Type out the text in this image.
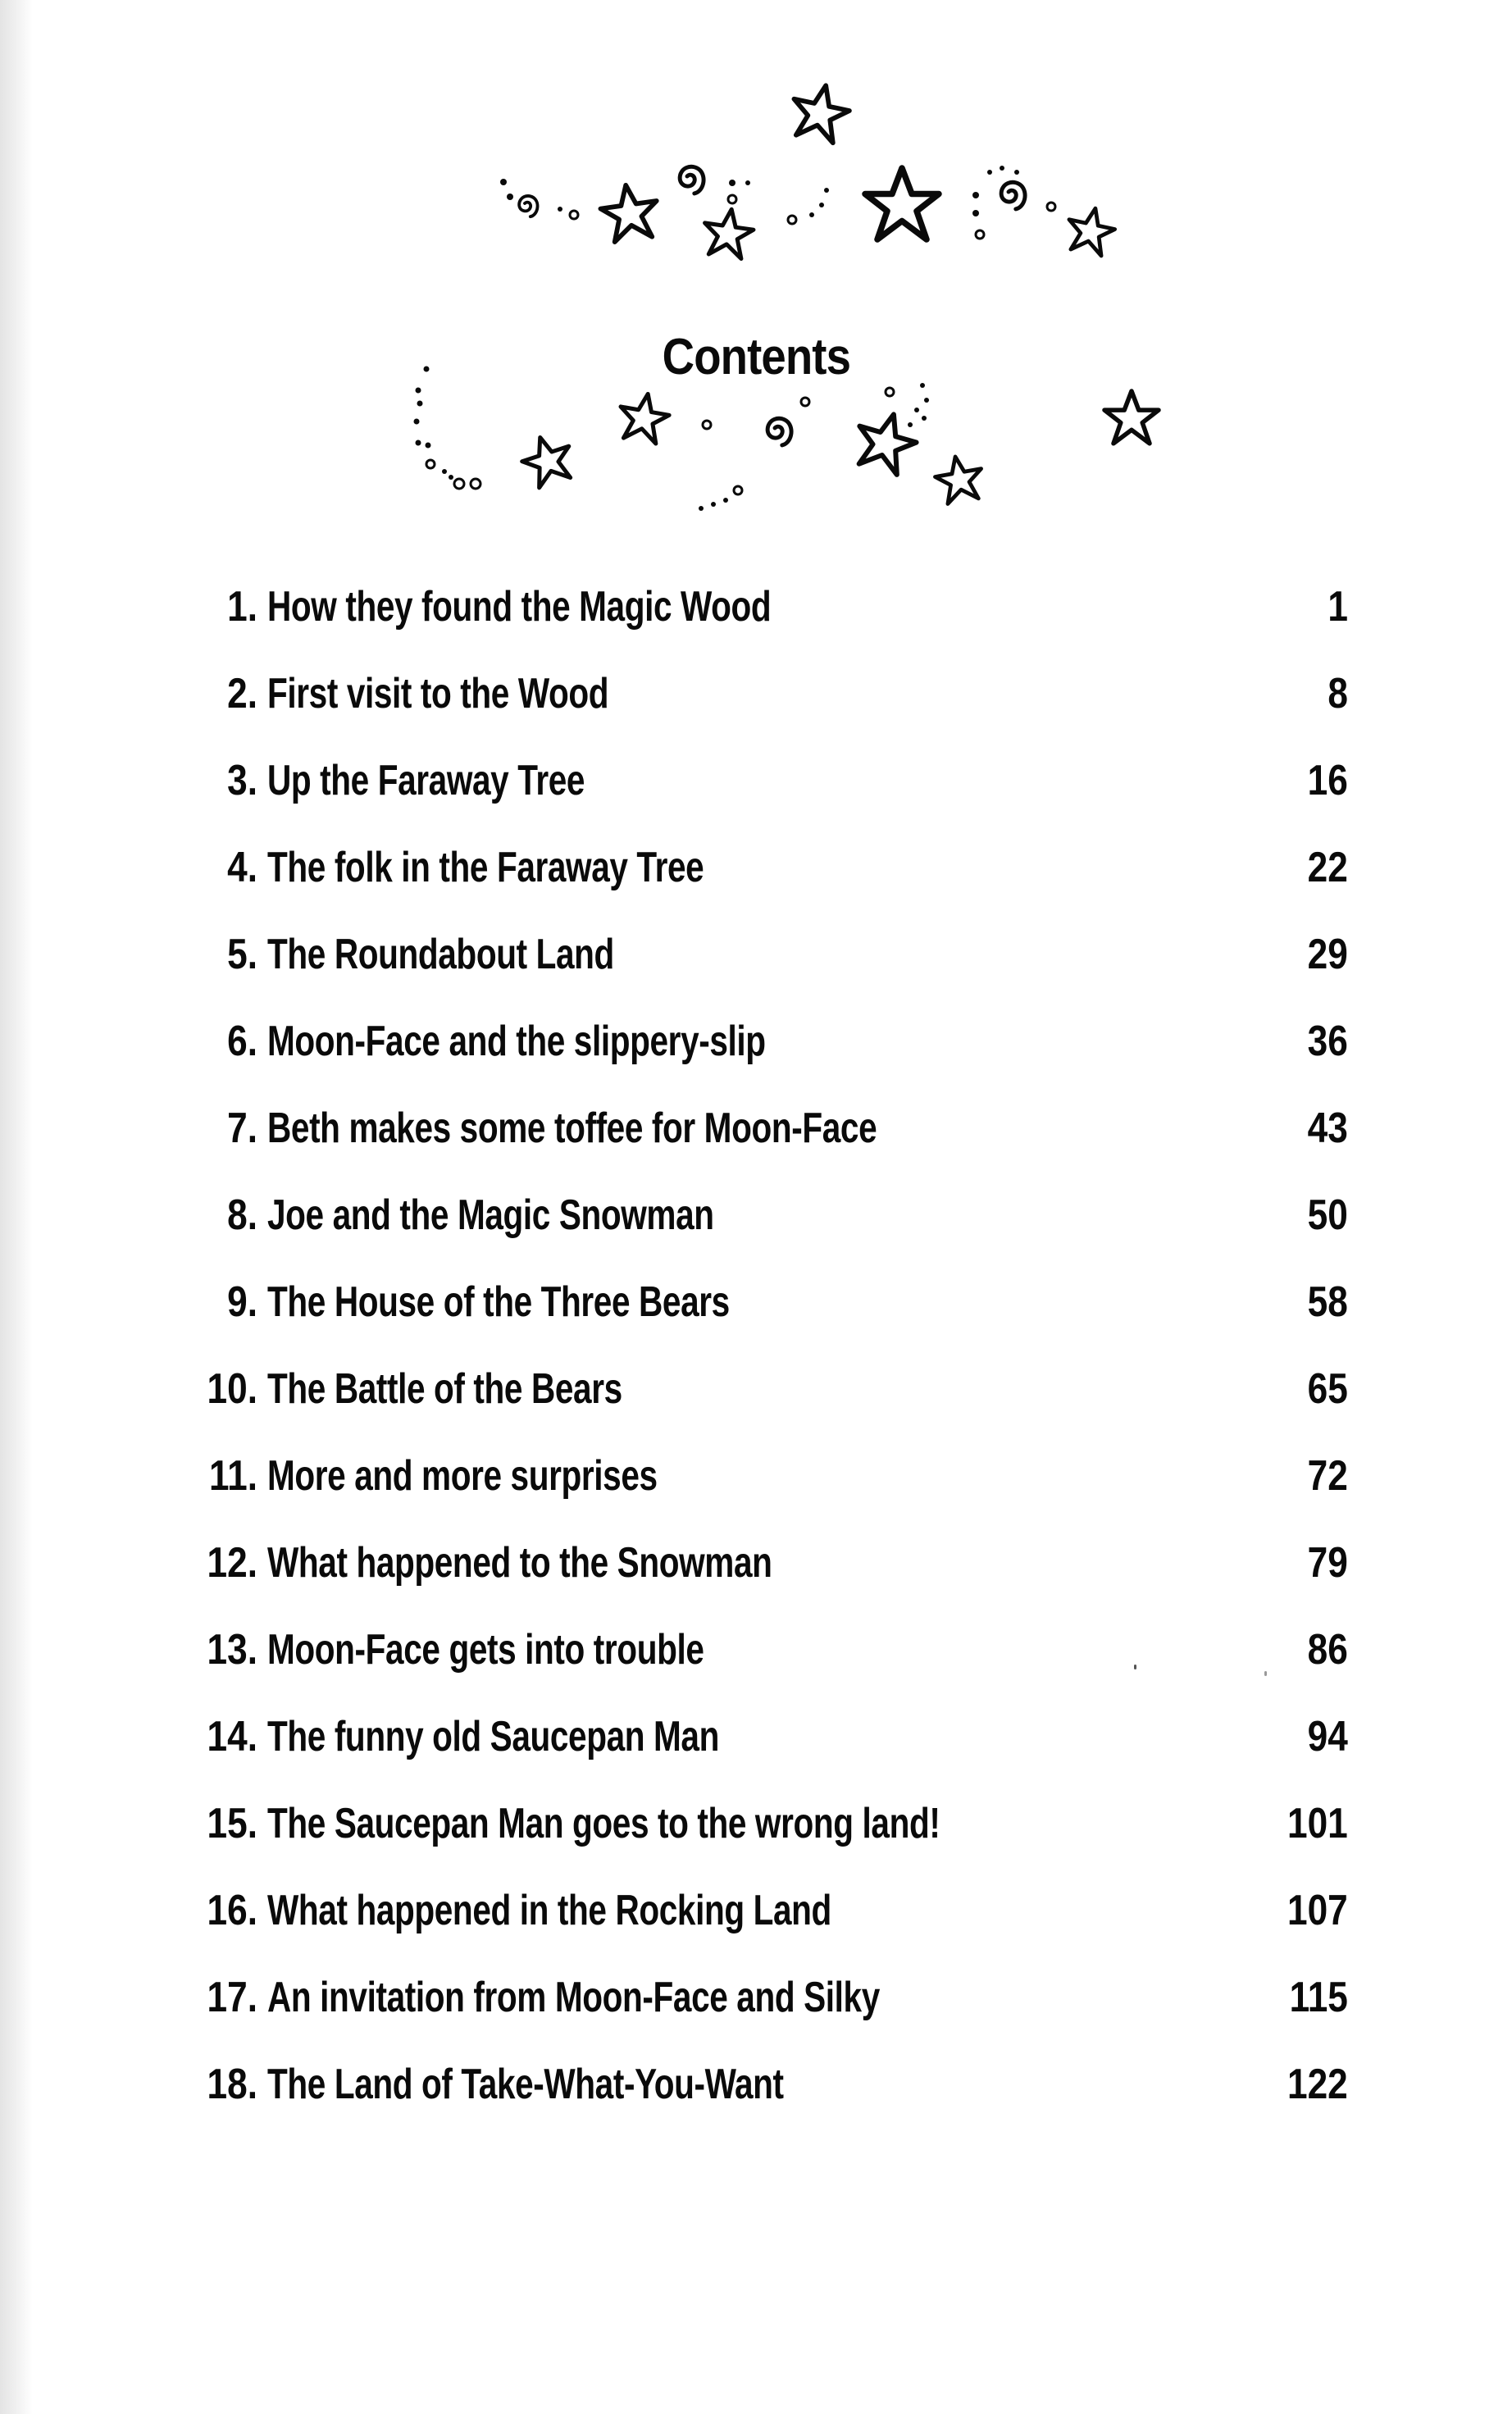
Contents
1. How they found the Magic Wood	1
2. First visit to the Wood	8
3. Up the Faraway Tree	16
4. The folk in the Faraway Tree	22
5. The Roundabout Land	29
6. Moon-Face and the slippery-slip	36
7. Beth makes some toffee for Moon-Face	43
8. Joe and the Magic Snowman	50
9. The House of the Three Bears	58
10. The Battle of the Bears	65
11. More and more surprises	72
12. What happened to the Snowman	79
13. Moon-Face gets into trouble	86
14. The funny old Saucepan Man	94
15. The Saucepan Man goes to the wrong land!	101
16. What happened in the Rocking Land	107
17. An invitation from Moon-Face and Silky	115
18. The Land of Take-What-You-Want	122
